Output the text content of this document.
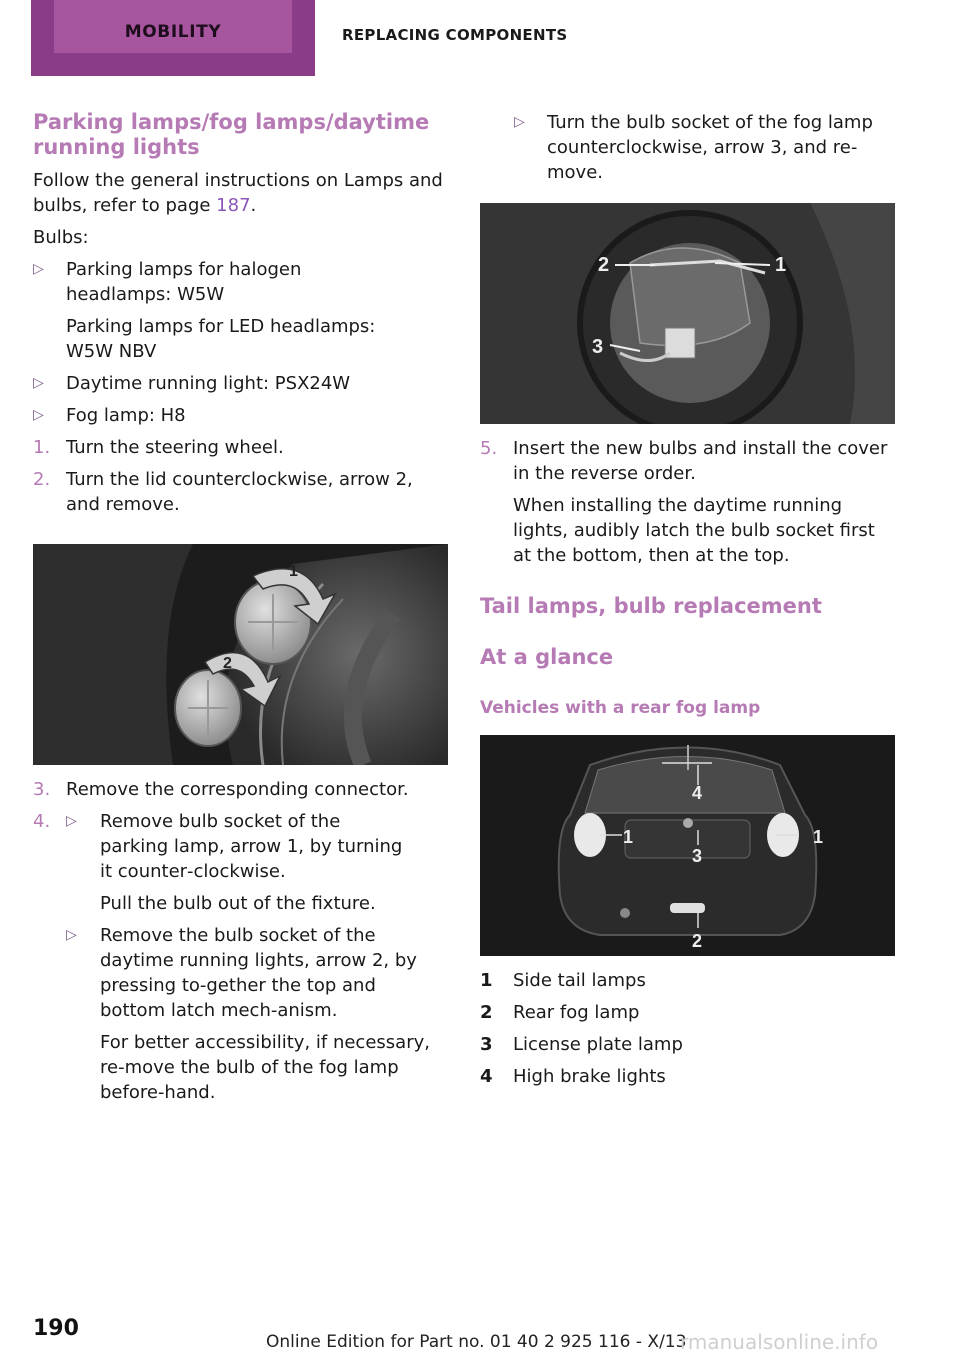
MOBILITY	REPLACING COMPONENTS
Parking lamps/fog lamps/daytime running lights

Follow the general instructions on Lamps and bulbs, refer to page 187.

Bulbs:

▷	Parking lamps for halogen headlamps: W5W

Parking lamps for LED headlamps: W5W NBV

▷	Daytime running light: PSX24W
▷	Fog lamp: H8
1. Turn the steering wheel.
2. Turn the lid counterclockwise, arrow 2, and remove.
1
2
3. Remove the corresponding connector.
4.	▷	Remove bulb socket of the parking lamp, arrow 1, by turning it counter‐clockwise.

Pull the bulb out of the fixture.

▷	Remove the bulb socket of the daytime running lights, arrow 2, by pressing to‐gether the top and bottom latch mech‐anism.

For better accessibility, if necessary, re‐move the bulb of the fog lamp before‐hand.

▷	Turn the bulb socket of the fog lamp counterclockwise, arrow 3, and re‐move.
2	1
3
5. Insert the new bulbs and install the cover in the reverse order.

When installing the daytime running lights, audibly latch the bulb socket first at the bottom, then at the top.

Tail lamps, bulb replacement
At a glance
Vehicles with a rear fog lamp
4
1	1
3
2
1	Side tail lamps
2	Rear fog lamp
3	License plate lamp
4	High brake lights
190
Online Edition for Part no. 01 40 2 925 116 - X/13
rmanualsonline.info
